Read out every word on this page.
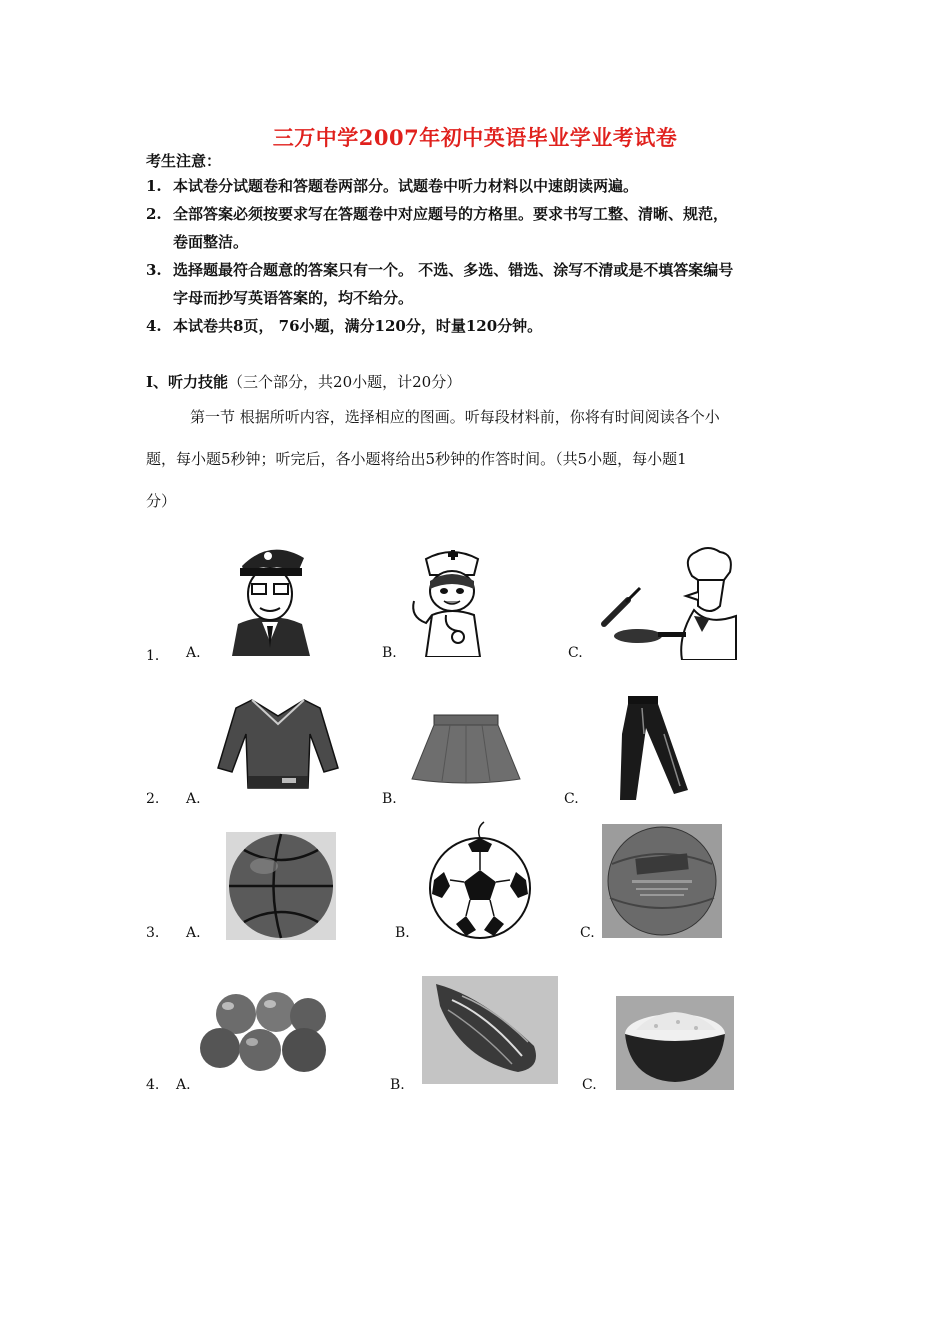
三万中学2007年初中英语毕业学业考试卷
考生注意：
1. 本试卷分试题卷和答题卷两部分。试题卷中听力材料以中速朗读两遍。
2. 全部答案必须按要求写在答题卷中对应题号的方格里。要求书写工整、清晰、规范，
卷面整洁。
3. 选择题最符合题意的答案只有一个。 不选、多选、错选、涂写不清或是不填答案编号
字母而抄写英语答案的，均不给分。
4. 本试卷共8页， 76小题，满分120分，时量120分钟。
I、听力技能（三个部分，共20小题，计20分）
第一节 根据所听内容，选择相应的图画。听每段材料前，你将有时间阅读各个小
题，每小题5秒钟；听完后，各小题将给出5秒钟的作答时间。（共5小题，每小题1
分）
1． A.	B.	C.
2. A.	B.	C.
3. A.	B.	C.
4. A.	B.	C.
